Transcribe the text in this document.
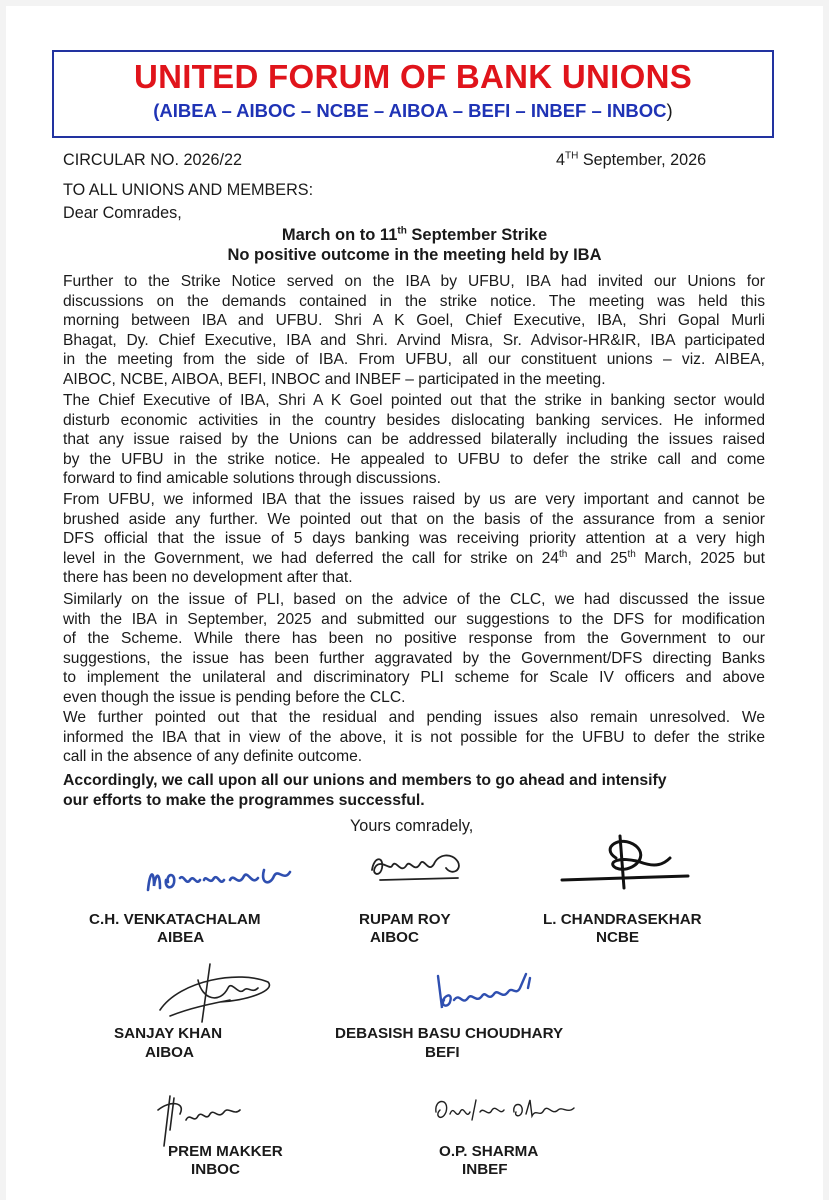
UNITED FORUM OF BANK UNIONS
(AIBEA – AIBOC – NCBE – AIBOA – BEFI – INBEF – INBOC)
CIRCULAR NO. 2026/22	4TH September, 2026
TO ALL UNIONS AND MEMBERS:
Dear Comrades,
March on to 11th September Strike
No positive outcome in the meeting held by IBA
Further to the Strike Notice served on the IBA by UFBU, IBA had invited our Unions for
discussions on the demands contained in the strike notice. The meeting was held this
morning between IBA and UFBU. Shri A K Goel, Chief Executive, IBA, Shri Gopal Murli
Bhagat, Dy. Chief Executive, IBA and Shri. Arvind Misra, Sr. Advisor-HR&IR, IBA participated
in the meeting from the side of IBA. From UFBU, all our constituent unions – viz. AIBEA,
AIBOC, NCBE, AIBOA, BEFI, INBOC and INBEF – participated in the meeting.
The Chief Executive of IBA, Shri A K Goel pointed out that the strike in banking sector would
disturb economic activities in the country besides dislocating banking services. He informed
that any issue raised by the Unions can be addressed bilaterally including the issues raised
by the UFBU in the strike notice. He appealed to UFBU to defer the strike call and come
forward to find amicable solutions through discussions.
From UFBU, we informed IBA that the issues raised by us are very important and cannot be
brushed aside any further. We pointed out that on the basis of the assurance from a senior
DFS official that the issue of 5 days banking was receiving priority attention at a very high
level in the Government, we had deferred the call for strike on 24th and 25th March, 2025 but
there has been no development after that.
Similarly on the issue of PLI, based on the advice of the CLC, we had discussed the issue
with the IBA in September, 2025 and submitted our suggestions to the DFS for modification
of the Scheme. While there has been no positive response from the Government to our
suggestions, the issue has been further aggravated by the Government/DFS directing Banks
to implement the unilateral and discriminatory PLI scheme for Scale IV officers and above
even though the issue is pending before the CLC.
We further pointed out that the residual and pending issues also remain unresolved. We
informed the IBA that in view of the above, it is not possible for the UFBU to defer the strike
call in the absence of any definite outcome.
Accordingly, we call upon all our unions and members to go ahead and intensify
our efforts to make the programmes successful.
Yours comradely,
C.H. VENKATACHALAM
AIBEA
RUPAM ROY
AIBOC
L. CHANDRASEKHAR
NCBE
SANJAY KHAN
AIBOA
DEBASISH BASU CHOUDHARY
BEFI
PREM MAKKER
INBOC
O.P. SHARMA
INBEF
